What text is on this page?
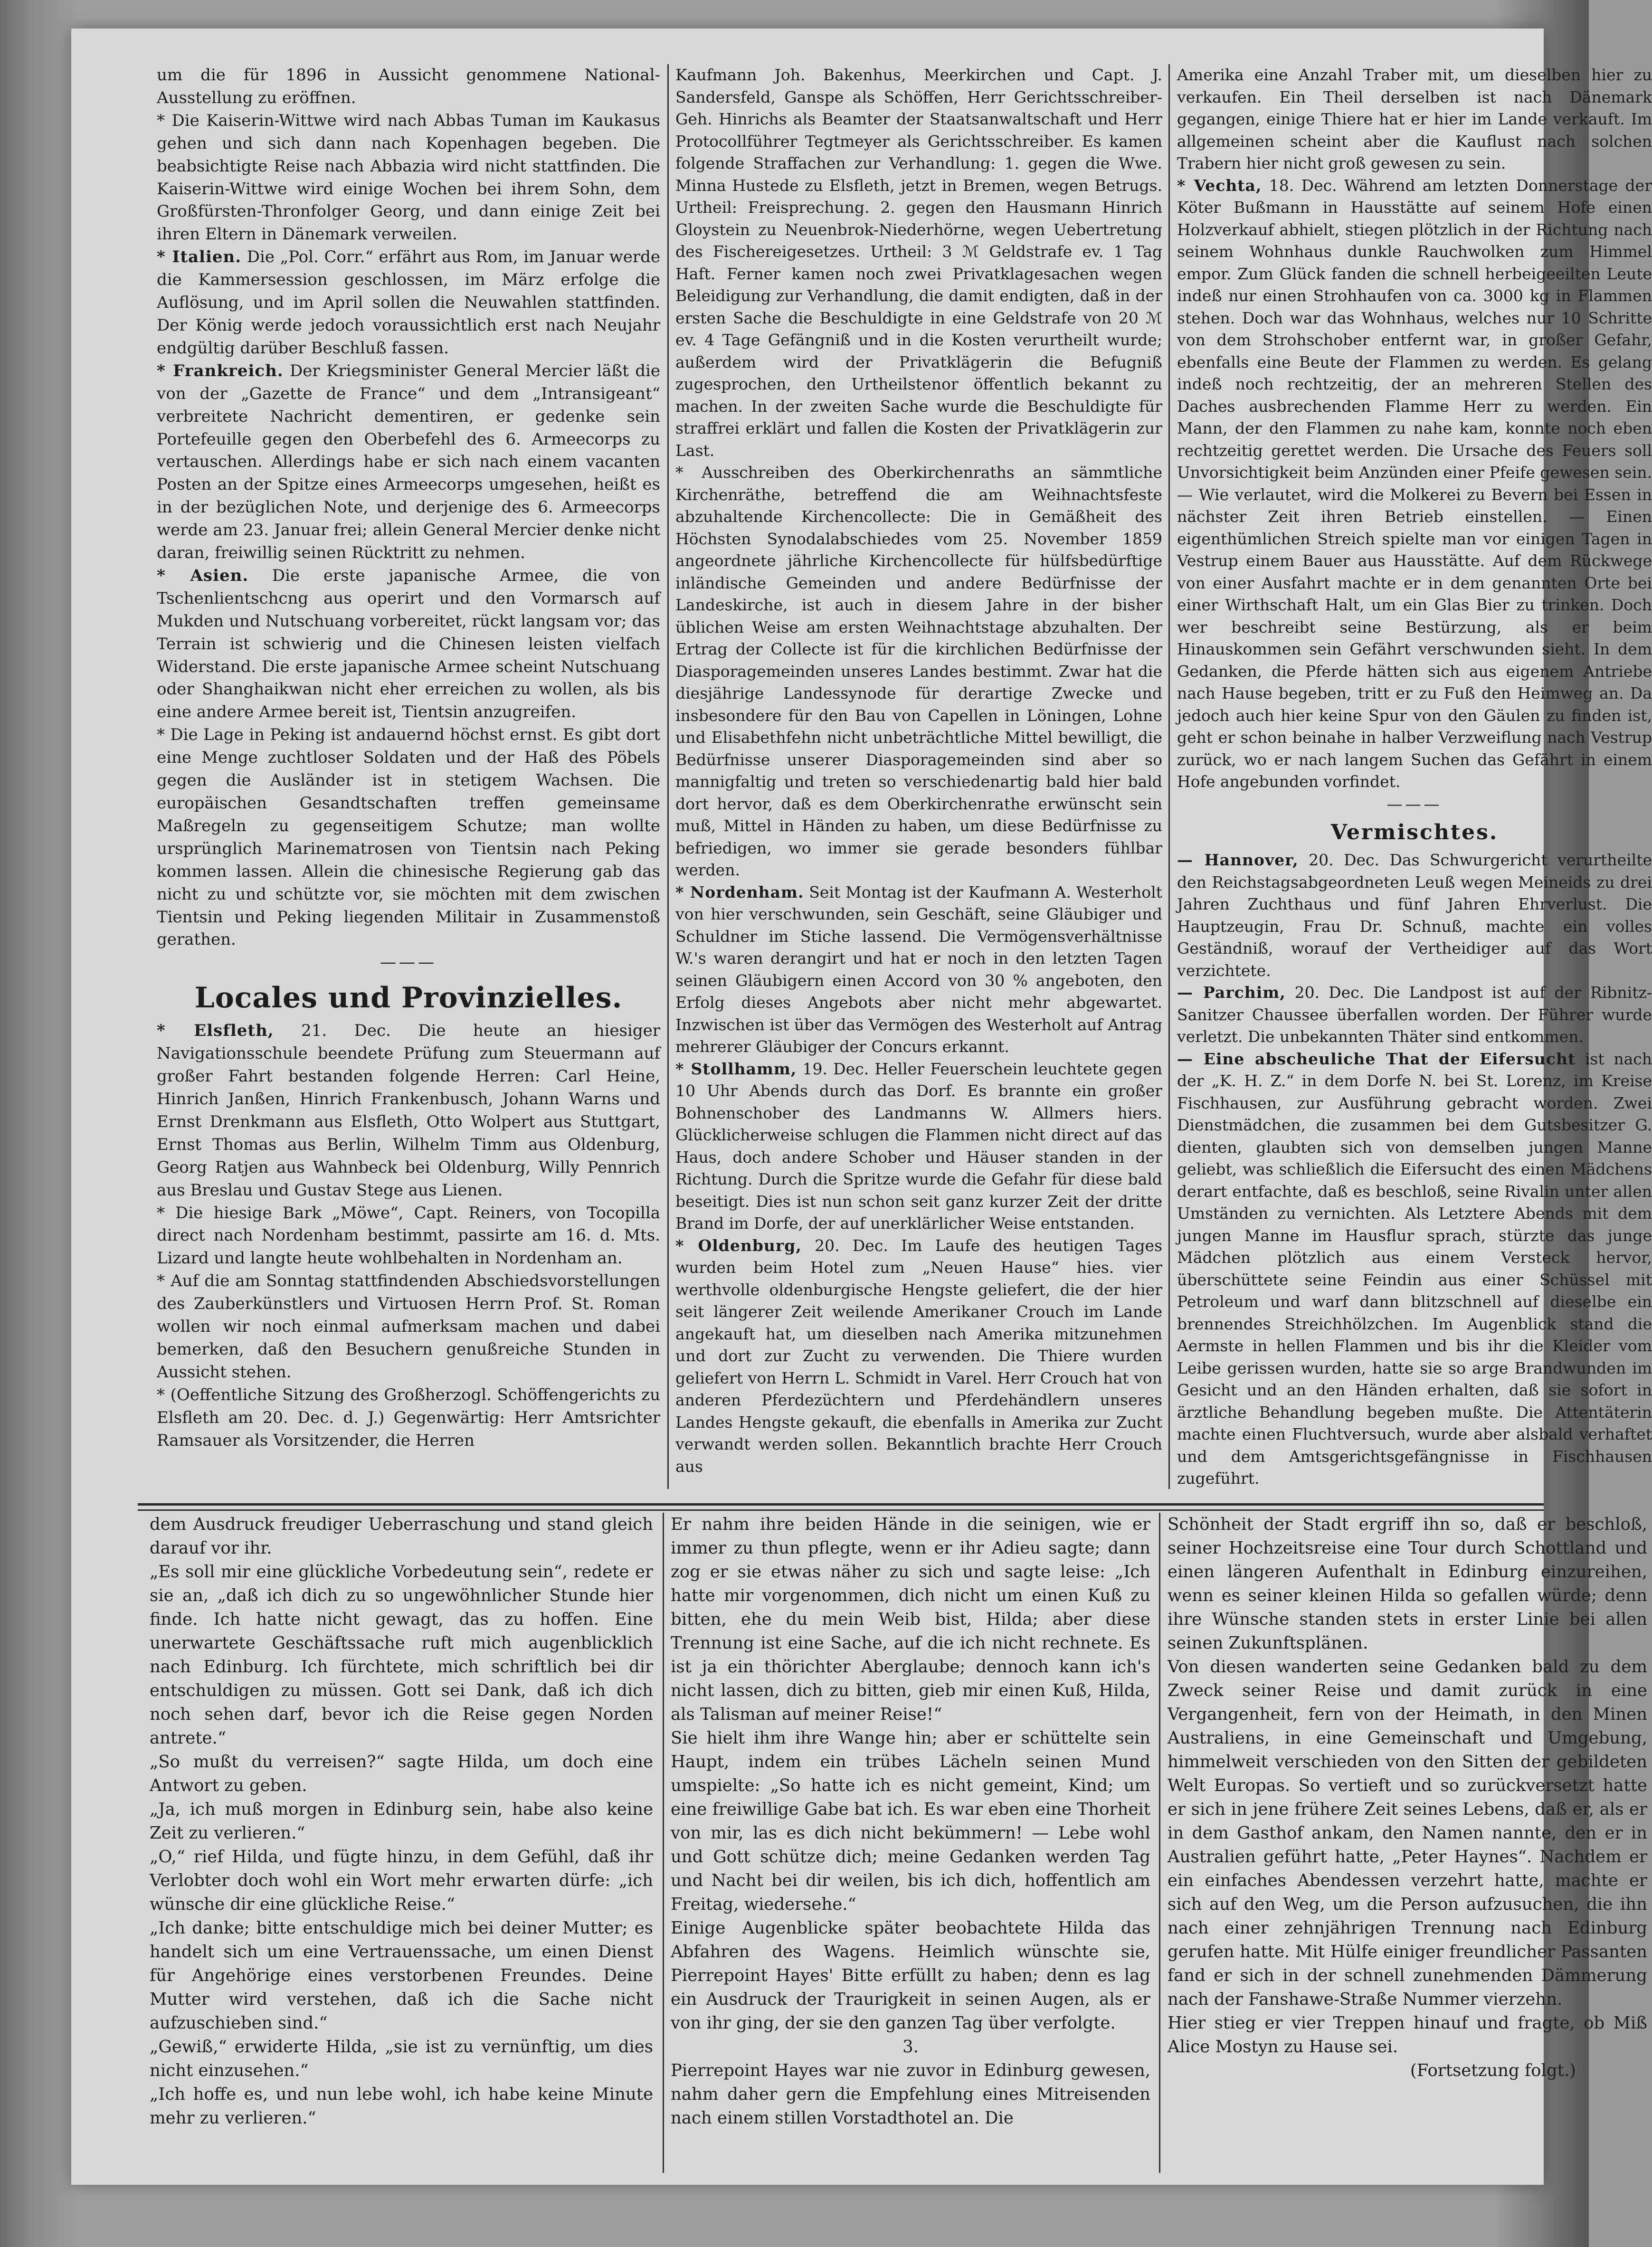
um die für 1896 in Aussicht genommene National-Ausstellung zu eröffnen.

* Die Kaiserin-Wittwe wird nach Abbas Tuman im Kaukasus gehen und sich dann nach Kopenhagen begeben. Die beabsichtigte Reise nach Abbazia wird nicht stattfinden. Die Kaiserin-Wittwe wird einige Wochen bei ihrem Sohn, dem Großfürsten-Thronfolger Georg, und dann einige Zeit bei ihren Eltern in Dänemark verweilen.

* Italien. Die „Pol. Corr.“ erfährt aus Rom, im Januar werde die Kammersession geschlossen, im März erfolge die Auflösung, und im April sollen die Neuwahlen stattfinden. Der König werde jedoch voraussichtlich erst nach Neujahr endgültig darüber Beschluß fassen.

* Frankreich. Der Kriegsminister General Mercier läßt die von der „Gazette de France“ und dem „Intransigeant“ verbreitete Nachricht dementiren, er gedenke sein Portefeuille gegen den Oberbefehl des 6. Armeecorps zu vertauschen. Allerdings habe er sich nach einem vacanten Posten an der Spitze eines Armeecorps umgesehen, heißt es in der bezüglichen Note, und derjenige des 6. Armeecorps werde am 23. Januar frei; allein General Mercier denke nicht daran, freiwillig seinen Rücktritt zu nehmen.

* Asien. Die erste japanische Armee, die von Tschenlientschcng aus operirt und den Vormarsch auf Mukden und Nutschuang vorbereitet, rückt langsam vor; das Terrain ist schwierig und die Chinesen leisten vielfach Widerstand. Die erste japanische Armee scheint Nutschuang oder Shanghaikwan nicht eher erreichen zu wollen, als bis eine andere Armee bereit ist, Tientsin anzugreifen.

* Die Lage in Peking ist andauernd höchst ernst. Es gibt dort eine Menge zuchtloser Soldaten und der Haß des Pöbels gegen die Ausländer ist in stetigem Wachsen. Die europäischen Gesandtschaften treffen gemeinsame Maßregeln zu gegenseitigem Schutze; man wollte ursprünglich Marinematrosen von Tientsin nach Peking kommen lassen. Allein die chinesische Regierung gab das nicht zu und schützte vor, sie möchten mit dem zwischen Tientsin und Peking liegenden Militair in Zusammenstoß gerathen.

———
Locales und Provinzielles.

* Elsfleth, 21. Dec. Die heute an hiesiger Navigationsschule beendete Prüfung zum Steuermann auf großer Fahrt bestanden folgende Herren: Carl Heine, Hinrich Janßen, Hinrich Frankenbusch, Johann Warns und Ernst Drenkmann aus Elsfleth, Otto Wolpert aus Stuttgart, Ernst Thomas aus Berlin, Wilhelm Timm aus Oldenburg, Georg Ratjen aus Wahnbeck bei Oldenburg, Willy Pennrich aus Breslau und Gustav Stege aus Lienen.

* Die hiesige Bark „Möwe“, Capt. Reiners, von Tocopilla direct nach Nordenham bestimmt, passirte am 16. d. Mts. Lizard und langte heute wohlbehalten in Nordenham an.

* Auf die am Sonntag stattfindenden Abschiedsvorstellungen des Zauberkünstlers und Virtuosen Herrn Prof. St. Roman wollen wir noch einmal aufmerksam machen und dabei bemerken, daß den Besuchern genußreiche Stunden in Aussicht stehen.

* (Oeffentliche Sitzung des Großherzogl. Schöffengerichts zu Elsfleth am 20. Dec. d. J.) Gegenwärtig: Herr Amtsrichter Ramsauer als Vorsitzender, die Herren

Kaufmann Joh. Bakenhus, Meerkirchen und Capt. J. Sandersfeld, Ganspe als Schöffen, Herr Gerichtsschreiber-Geh. Hinrichs als Beamter der Staatsanwaltschaft und Herr Protocollführer Tegtmeyer als Gerichtsschreiber. Es kamen folgende Straffachen zur Verhandlung: 1. gegen die Wwe. Minna Hustede zu Elsfleth, jetzt in Bremen, wegen Betrugs. Urtheil: Freisprechung. 2. gegen den Hausmann Hinrich Gloystein zu Neuenbrok-Niederhörne, wegen Uebertretung des Fischereigesetzes. Urtheil: 3 ℳ Geldstrafe ev. 1 Tag Haft. Ferner kamen noch zwei Privatklagesachen wegen Beleidigung zur Verhandlung, die damit endigten, daß in der ersten Sache die Beschuldigte in eine Geldstrafe von 20 ℳ ev. 4 Tage Gefängniß und in die Kosten verurtheilt wurde; außerdem wird der Privatklägerin die Befugniß zugesprochen, den Urtheilstenor öffentlich bekannt zu machen. In der zweiten Sache wurde die Beschuldigte für straffrei erklärt und fallen die Kosten der Privatklägerin zur Last.

* Ausschreiben des Oberkirchenraths an sämmtliche Kirchenräthe, betreffend die am Weihnachtsfeste abzuhaltende Kirchencollecte: Die in Gemäßheit des Höchsten Synodalabschiedes vom 25. November 1859 angeordnete jährliche Kirchencollecte für hülfsbedürftige inländische Gemeinden und andere Bedürfnisse der Landeskirche, ist auch in diesem Jahre in der bisher üblichen Weise am ersten Weihnachtstage abzuhalten. Der Ertrag der Collecte ist für die kirchlichen Bedürfnisse der Diasporagemeinden unseres Landes bestimmt. Zwar hat die diesjährige Landessynode für derartige Zwecke und insbesondere für den Bau von Capellen in Löningen, Lohne und Elisabethfehn nicht unbeträchtliche Mittel bewilligt, die Bedürfnisse unserer Diasporagemeinden sind aber so mannigfaltig und treten so verschiedenartig bald hier bald dort hervor, daß es dem Oberkirchenrathe erwünscht sein muß, Mittel in Händen zu haben, um diese Bedürfnisse zu befriedigen, wo immer sie gerade besonders fühlbar werden.

* Nordenham. Seit Montag ist der Kaufmann A. Westerholt von hier verschwunden, sein Geschäft, seine Gläubiger und Schuldner im Stiche lassend. Die Vermögensverhältnisse W.'s waren derangirt und hat er noch in den letzten Tagen seinen Gläubigern einen Accord von 30 % angeboten, den Erfolg dieses Angebots aber nicht mehr abgewartet. Inzwischen ist über das Vermögen des Westerholt auf Antrag mehrerer Gläubiger der Concurs erkannt.

* Stollhamm, 19. Dec. Heller Feuerschein leuchtete gegen 10 Uhr Abends durch das Dorf. Es brannte ein großer Bohnenschober des Landmanns W. Allmers hiers. Glücklicherweise schlugen die Flammen nicht direct auf das Haus, doch andere Schober und Häuser standen in der Richtung. Durch die Spritze wurde die Gefahr für diese bald beseitigt. Dies ist nun schon seit ganz kurzer Zeit der dritte Brand im Dorfe, der auf unerklärlicher Weise entstanden.

* Oldenburg, 20. Dec. Im Laufe des heutigen Tages wurden beim Hotel zum „Neuen Hause“ hies. vier werthvolle oldenburgische Hengste geliefert, die der hier seit längerer Zeit weilende Amerikaner Crouch im Lande angekauft hat, um dieselben nach Amerika mitzunehmen und dort zur Zucht zu verwenden. Die Thiere wurden geliefert von Herrn L. Schmidt in Varel. Herr Crouch hat von anderen Pferdezüchtern und Pferdehändlern unseres Landes Hengste gekauft, die ebenfalls in Amerika zur Zucht verwandt werden sollen. Bekanntlich brachte Herr Crouch aus

Amerika eine Anzahl Traber mit, um dieselben hier zu verkaufen. Ein Theil derselben ist nach Dänemark gegangen, einige Thiere hat er hier im Lande verkauft. Im allgemeinen scheint aber die Kauflust nach solchen Trabern hier nicht groß gewesen zu sein.

* Vechta, 18. Dec. Während am letzten Donnerstage der Köter Bußmann in Hausstätte auf seinem Hofe einen Holzverkauf abhielt, stiegen plötzlich in der Richtung nach seinem Wohnhaus dunkle Rauchwolken zum Himmel empor. Zum Glück fanden die schnell herbeigeeilten Leute indeß nur einen Strohhaufen von ca. 3000 kg in Flammen stehen. Doch war das Wohnhaus, welches nur 10 Schritte von dem Strohschober entfernt war, in großer Gefahr, ebenfalls eine Beute der Flammen zu werden. Es gelang indeß noch rechtzeitig, der an mehreren Stellen des Daches ausbrechenden Flamme Herr zu werden. Ein Mann, der den Flammen zu nahe kam, konnte noch eben rechtzeitig gerettet werden. Die Ursache des Feuers soll Unvorsichtigkeit beim Anzünden einer Pfeife gewesen sein. — Wie verlautet, wird die Molkerei zu Bevern bei Essen in nächster Zeit ihren Betrieb einstellen. — Einen eigenthümlichen Streich spielte man vor einigen Tagen in Vestrup einem Bauer aus Hausstätte. Auf dem Rückwege von einer Ausfahrt machte er in dem genannten Orte bei einer Wirthschaft Halt, um ein Glas Bier zu trinken. Doch wer beschreibt seine Bestürzung, als er beim Hinauskommen sein Gefährt verschwunden sieht. In dem Gedanken, die Pferde hätten sich aus eigenem Antriebe nach Hause begeben, tritt er zu Fuß den Heimweg an. Da jedoch auch hier keine Spur von den Gäulen zu finden ist, geht er schon beinahe in halber Verzweiflung nach Vestrup zurück, wo er nach langem Suchen das Gefährt in einem Hofe angebunden vorfindet.

———
Vermischtes.

— Hannover, 20. Dec. Das Schwurgericht verurtheilte den Reichstagsabgeordneten Leuß wegen Meineids zu drei Jahren Zuchthaus und fünf Jahren Ehrverlust. Die Hauptzeugin, Frau Dr. Schnuß, machte ein volles Geständniß, worauf der Vertheidiger auf das Wort verzichtete.

— Parchim, 20. Dec. Die Landpost ist auf der Ribnitz-Sanitzer Chaussee überfallen worden. Der Führer wurde verletzt. Die unbekannten Thäter sind entkommen.

— Eine abscheuliche That der Eifersucht ist nach der „K. H. Z.“ in dem Dorfe N. bei St. Lorenz, im Kreise Fischhausen, zur Ausführung gebracht worden. Zwei Dienstmädchen, die zusammen bei dem Gutsbesitzer G. dienten, glaubten sich von demselben jungen Manne geliebt, was schließlich die Eifersucht des einen Mädchens derart entfachte, daß es beschloß, seine Rivalin unter allen Umständen zu vernichten. Als Letztere Abends mit dem jungen Manne im Hausflur sprach, stürzte das junge Mädchen plötzlich aus einem Versteck hervor, überschüttete seine Feindin aus einer Schüssel mit Petroleum und warf dann blitzschnell auf dieselbe ein brennendes Streichhölzchen. Im Augenblick stand die Aermste in hellen Flammen und bis ihr die Kleider vom Leibe gerissen wurden, hatte sie so arge Brandwunden im Gesicht und an den Händen erhalten, daß sie sofort in ärztliche Behandlung begeben mußte. Die Attentäterin machte einen Fluchtversuch, wurde aber alsbald verhaftet und dem Amtsgerichtsgefängnisse in Fischhausen zugeführt.

dem Ausdruck freudiger Ueberraschung und stand gleich darauf vor ihr.

„Es soll mir eine glückliche Vorbedeutung sein“, redete er sie an, „daß ich dich zu so ungewöhnlicher Stunde hier finde. Ich hatte nicht gewagt, das zu hoffen. Eine unerwartete Geschäftssache ruft mich augenblicklich nach Edinburg. Ich fürchtete, mich schriftlich bei dir entschuldigen zu müssen. Gott sei Dank, daß ich dich noch sehen darf, bevor ich die Reise gegen Norden antrete.“

„So mußt du verreisen?“ sagte Hilda, um doch eine Antwort zu geben.

„Ja, ich muß morgen in Edinburg sein, habe also keine Zeit zu verlieren.“

„O,“ rief Hilda, und fügte hinzu, in dem Gefühl, daß ihr Verlobter doch wohl ein Wort mehr erwarten dürfe: „ich wünsche dir eine glückliche Reise.“

„Ich danke; bitte entschuldige mich bei deiner Mutter; es handelt sich um eine Vertrauenssache, um einen Dienst für Angehörige eines verstorbenen Freundes. Deine Mutter wird verstehen, daß ich die Sache nicht aufzuschieben sind.“

„Gewiß,“ erwiderte Hilda, „sie ist zu vernünftig, um dies nicht einzusehen.“

„Ich hoffe es, und nun lebe wohl, ich habe keine Minute mehr zu verlieren.“

Er nahm ihre beiden Hände in die seinigen, wie er immer zu thun pflegte, wenn er ihr Adieu sagte; dann zog er sie etwas näher zu sich und sagte leise: „Ich hatte mir vorgenommen, dich nicht um einen Kuß zu bitten, ehe du mein Weib bist, Hilda; aber diese Trennung ist eine Sache, auf die ich nicht rechnete. Es ist ja ein thörichter Aberglaube; dennoch kann ich's nicht lassen, dich zu bitten, gieb mir einen Kuß, Hilda, als Talisman auf meiner Reise!“

Sie hielt ihm ihre Wange hin; aber er schüttelte sein Haupt, indem ein trübes Lächeln seinen Mund umspielte: „So hatte ich es nicht gemeint, Kind; um eine freiwillige Gabe bat ich. Es war eben eine Thorheit von mir, las es dich nicht bekümmern! — Lebe wohl und Gott schütze dich; meine Gedanken werden Tag und Nacht bei dir weilen, bis ich dich, hoffentlich am Freitag, wiedersehe.“

Einige Augenblicke später beobachtete Hilda das Abfahren des Wagens. Heimlich wünschte sie, Pierrepoint Hayes' Bitte erfüllt zu haben; denn es lag ein Ausdruck der Traurigkeit in seinen Augen, als er von ihr ging, der sie den ganzen Tag über verfolgte.

3.

Pierrepoint Hayes war nie zuvor in Edinburg gewesen, nahm daher gern die Empfehlung eines Mitreisenden nach einem stillen Vorstadthotel an. Die

Schönheit der Stadt ergriff ihn so, daß er beschloß, seiner Hochzeitsreise eine Tour durch Schottland und einen längeren Aufenthalt in Edinburg einzureihen, wenn es seiner kleinen Hilda so gefallen würde; denn ihre Wünsche standen stets in erster Linie bei allen seinen Zukunftsplänen.

Von diesen wanderten seine Gedanken bald zu dem Zweck seiner Reise und damit zurück in eine Vergangenheit, fern von der Heimath, in den Minen Australiens, in eine Gemeinschaft und Umgebung, himmelweit verschieden von den Sitten der gebildeten Welt Europas. So vertieft und so zurückversetzt hatte er sich in jene frühere Zeit seines Lebens, daß er, als er in dem Gasthof ankam, den Namen nannte, den er in Australien geführt hatte, „Peter Haynes“. Nachdem er ein einfaches Abendessen verzehrt hatte, machte er sich auf den Weg, um die Person aufzusuchen, die ihn nach einer zehnjährigen Trennung nach Edinburg gerufen hatte. Mit Hülfe einiger freundlicher Passanten fand er sich in der schnell zunehmenden Dämmerung nach der Fanshawe-Straße Nummer vierzehn.

Hier stieg er vier Treppen hinauf und fragte, ob Miß Alice Mostyn zu Hause sei.

(Fortsetzung folgt.)
